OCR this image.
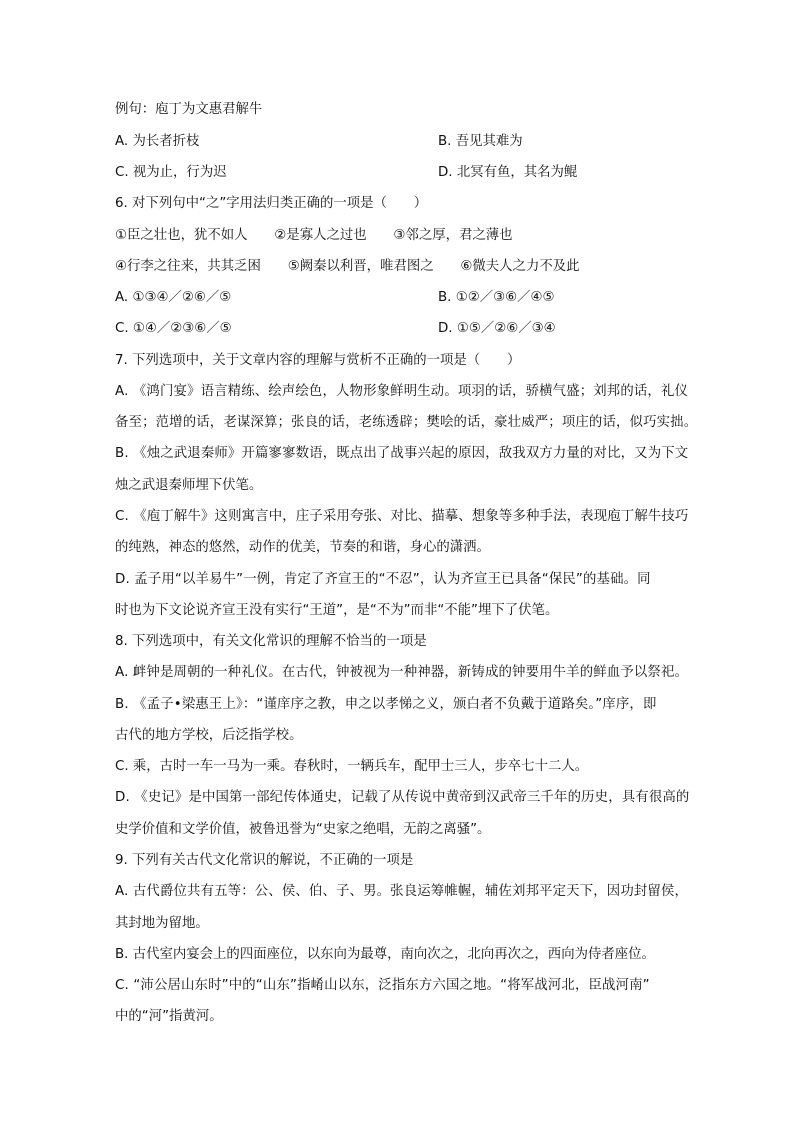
例句：庖丁为文惠君解牛
A. 为长者折枝	B. 吾见其难为
C. 视为止，行为迟	D. 北冥有鱼，其名为鲲
6. 对下列句中“之”字用法归类正确的一项是（　　）
①臣之壮也，犹不如人　　②是寡人之过也　　③邻之厚，君之薄也
④行李之往来，共其乏困　　⑤阙秦以利晋，唯君图之　　⑥微夫人之力不及此
A. ①③④／②⑥／⑤	B. ①②／③⑥／④⑤
C. ①④／②③⑥／⑤	D. ①⑤／②⑥／③④
7. 下列选项中，关于文章内容的理解与赏析不正确的一项是（　　）
A. 《鸿门宴》语言精练、绘声绘色，人物形象鲜明生动。项羽的话，骄横气盛；刘邦的话，礼仪
备至；范增的话，老谋深算；张良的话，老练透辟；樊哙的话，豪壮威严；项庄的话，似巧实拙。
B. 《烛之武退秦师》开篇寥寥数语，既点出了战事兴起的原因，敌我双方力量的对比，又为下文
烛之武退秦师埋下伏笔。
C. 《庖丁解牛》这则寓言中，庄子采用夸张、对比、描摹、想象等多种手法，表现庖丁解牛技巧
的纯熟，神态的悠然，动作的优美，节奏的和谐，身心的潇洒。
D. 孟子用“以羊易牛”一例，肯定了齐宣王的“不忍”，认为齐宣王已具备“保民”的基础。同
时也为下文论说齐宣王没有实行“王道”，是“不为”而非“不能”埋下了伏笔。
8. 下列选项中，有关文化常识的理解不恰当的一项是
A. 衅钟是周朝的一种礼仪。在古代，钟被视为一种神器，新铸成的钟要用牛羊的鲜血予以祭祀。
B. 《孟子•梁惠王上》：“谨庠序之教，申之以孝悌之义，颁白者不负戴于道路矣。”庠序，即
古代的地方学校，后泛指学校。
C. 乘，古时一车一马为一乘。春秋时，一辆兵车，配甲士三人，步卒七十二人。
D. 《史记》是中国第一部纪传体通史，记载了从传说中黄帝到汉武帝三千年的历史，具有很高的
史学价值和文学价值，被鲁迅誉为“史家之绝唱，无韵之离骚”。
9. 下列有关古代文化常识的解说，不正确的一项是
A. 古代爵位共有五等：公、侯、伯、子、男。张良运筹帷幄，辅佐刘邦平定天下，因功封留侯，
其封地为留地。
B. 古代室内宴会上的四面座位，以东向为最尊，南向次之，北向再次之，西向为侍者座位。
C. “沛公居山东时”中的“山东”指崤山以东，泛指东方六国之地。“将军战河北，臣战河南”
中的“河”指黄河。
